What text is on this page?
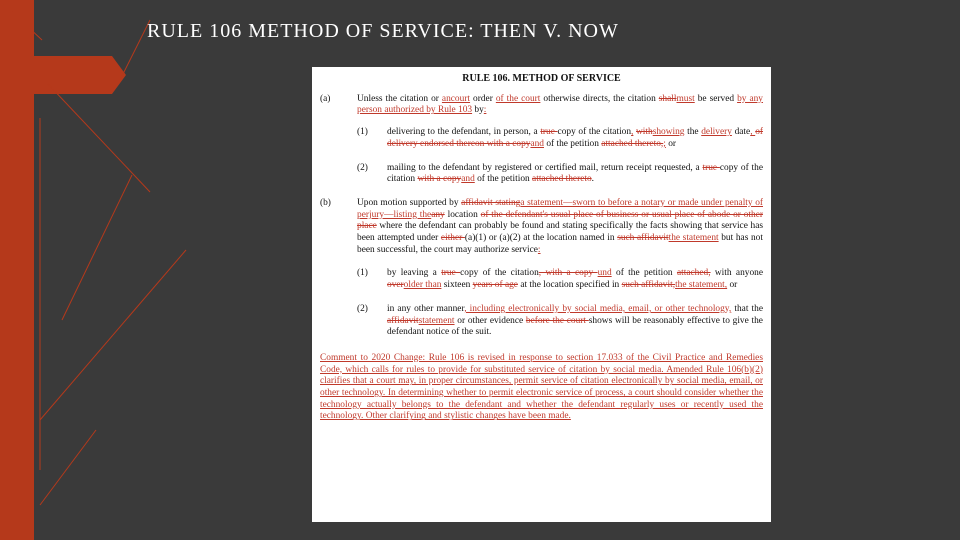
RULE 106 METHOD OF SERVICE: THEN V. NOW
RULE 106. METHOD OF SERVICE
(a)	Unless the citation or ancourt order of the court otherwise directs, the citation shallmust be served by any person authorized by Rule 103 by:
(1)	delivering to the defendant, in person, a true copy of the citation, withshowing the delivery date, of delivery endorsed thereon with a copyand of the petition attached thereto,; or
(2)	mailing to the defendant by registered or certified mail, return receipt requested, a true copy of the citation with a copyand of the petition attached thereto.
(b)	Upon motion supported by affidavit statinga statement—sworn to before a notary or made under penalty of perjury—listing theany location of the defendant's usual place of business or usual place of abode or other place where the defendant can probably be found and stating specifically the facts showing that service has been attempted under either (a)(1) or (a)(2) at the location named in such affidavitthe statement but has not been successful, the court may authorize service:
(1)	by leaving a true copy of the citation, with a copy und of the petition attached, with anyone overolder than sixteen years of age at the location specified in such affidavit,the statement, or
(2)	in any other manner, including electronically by social media, email, or other technology, that the affidavitstatement or other evidence before the court shows will be reasonably effective to give the defendant notice of the suit.
Comment to 2020 Change: Rule 106 is revised in response to section 17.033 of the Civil Practice and Remedies Code, which calls for rules to provide for substituted service of citation by social media. Amended Rule 106(b)(2) clarifies that a court may, in proper circumstances, permit service of citation electronically by social media, email, or other technology. In determining whether to permit electronic service of process, a court should consider whether the technology actually belongs to the defendant and whether the defendant regularly uses or recently used the technology. Other clarifying and stylistic changes have been made.
